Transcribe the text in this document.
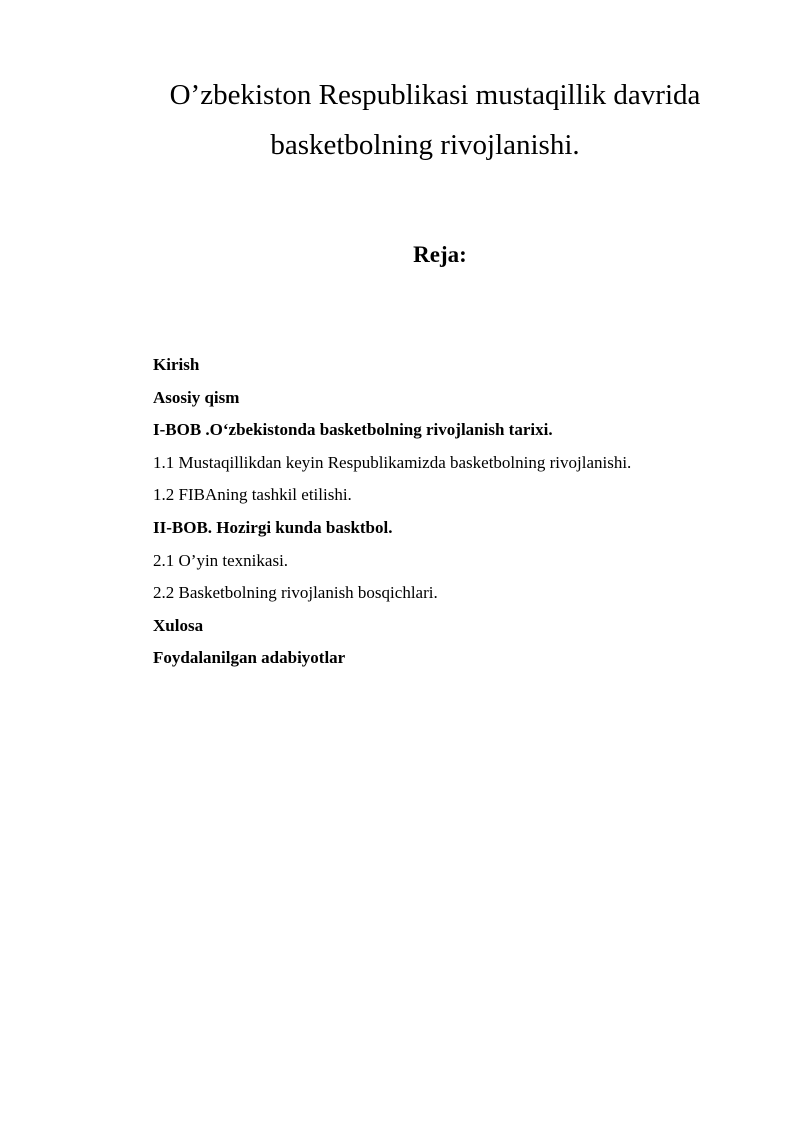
O’zbekiston Respublikasi mustaqillik davrida
basketbolning rivojlanishi.
Reja:
Kirish
Asosiy qism
I-BOB .O‘zbekistonda basketbolning rivojlanish tarixi.
1.1 Mustaqillikdan keyin Respublikamizda basketbolning rivojlanishi.
1.2 FIBAning tashkil etilishi.
II-BOB. Hozirgi kunda basktbol.
2.1 O’yin texnikasi.
2.2 Basketbolning rivojlanish bosqichlari.
Xulosa
Foydalanilgan adabiyotlar
